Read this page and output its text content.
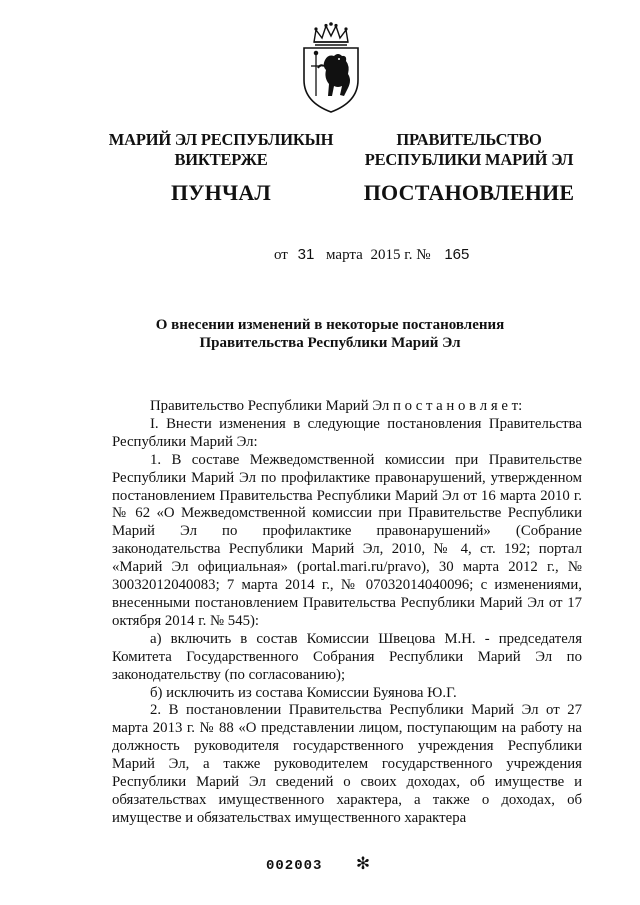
МАРИЙ ЭЛ РЕСПУБЛИКЫН
ВИКТЕРЖЕ
ПУНЧАЛ
ПРАВИТЕЛЬСТВО
РЕСПУБЛИКИ МАРИЙ ЭЛ
ПОСТАНОВЛЕНИЕ
от 31 марта 2015 г. № 165
О внесении изменений в некоторые постановления
Правительства Республики Марий Эл

Правительство Республики Марий Эл п о с т а н о в л я е т:

I. Внести изменения в следующие постановления Правительства Республики Марий Эл:

1. В составе Межведомственной комиссии при Правительстве Республики Марий Эл по профилактике правонарушений, утвержденном постановлением Правительства Республики Марий Эл от 16 марта 2010 г. № 62 «О Межведомственной комиссии при Правительстве Республики Марий Эл по профилактике правонарушений» (Собрание законодательства Республики Марий Эл, 2010, № 4, ст. 192; портал «Марий Эл официальная» (portal.mari.ru/pravo), 30 марта 2012 г., № 30032012040083; 7 марта 2014 г., № 07032014040096; с изменениями, внесенными постановлением Правительства Республики Марий Эл от 17 октября 2014 г. № 545):

а) включить в состав Комиссии Швецова М.Н. - председателя Комитета Государственного Собрания Республики Марий Эл по законодательству (по согласованию);

б) исключить из состава Комиссии Буянова Ю.Г.

2. В постановлении Правительства Республики Марий Эл от 27 марта 2013 г. № 88 «О представлении лицом, поступающим на работу на должность руководителя государственного учреждения Республики Марий Эл, а также руководителем государственного учреждения Республики Марий Эл сведений о своих доходах, об имуществе и обязательствах имущественного характера, а также о доходах, об имуществе и обязательствах имущественного характера

002003 ✻
